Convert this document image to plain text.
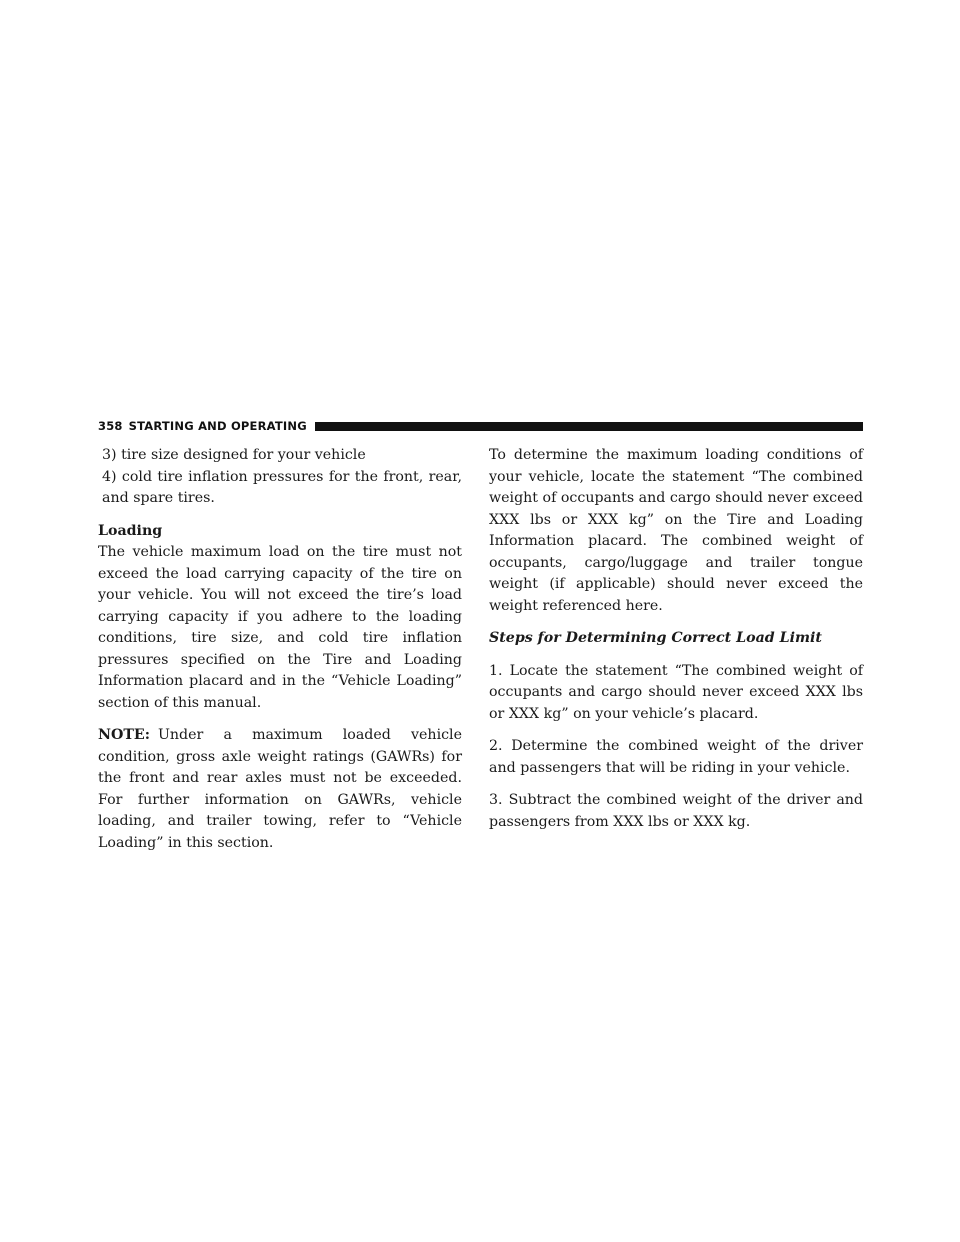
358 STARTING AND OPERATING

3) tire size designed for your vehicle

4) cold tire inflation pressures for the front, rear, and spare tires.

Loading

The vehicle maximum load on the tire must not exceed the load carrying capacity of the tire on your vehicle. You will not exceed the tire’s load carrying capacity if you adhere to the loading conditions, tire size, and cold tire inflation pressures specified on the Tire and Loading Information placard and in the “Vehicle Loading” section of this manual.

NOTE: Under a maximum loaded vehicle condition, gross axle weight ratings (GAWRs) for the front and rear axles must not be exceeded. For further information on GAWRs, vehicle loading, and trailer towing, refer to “Vehicle Loading” in this section.

To determine the maximum loading conditions of your vehicle, locate the statement “The combined weight of occupants and cargo should never exceed XXX lbs or XXX kg” on the Tire and Loading Information placard. The combined weight of occupants, cargo/luggage and trailer tongue weight (if applicable) should never exceed the weight referenced here.

Steps for Determining Correct Load Limit

1. Locate the statement “The combined weight of occupants and cargo should never exceed XXX lbs or XXX kg” on your vehicle’s placard.

2. Determine the combined weight of the driver and passengers that will be riding in your vehicle.

3. Subtract the combined weight of the driver and passengers from XXX lbs or XXX kg.
